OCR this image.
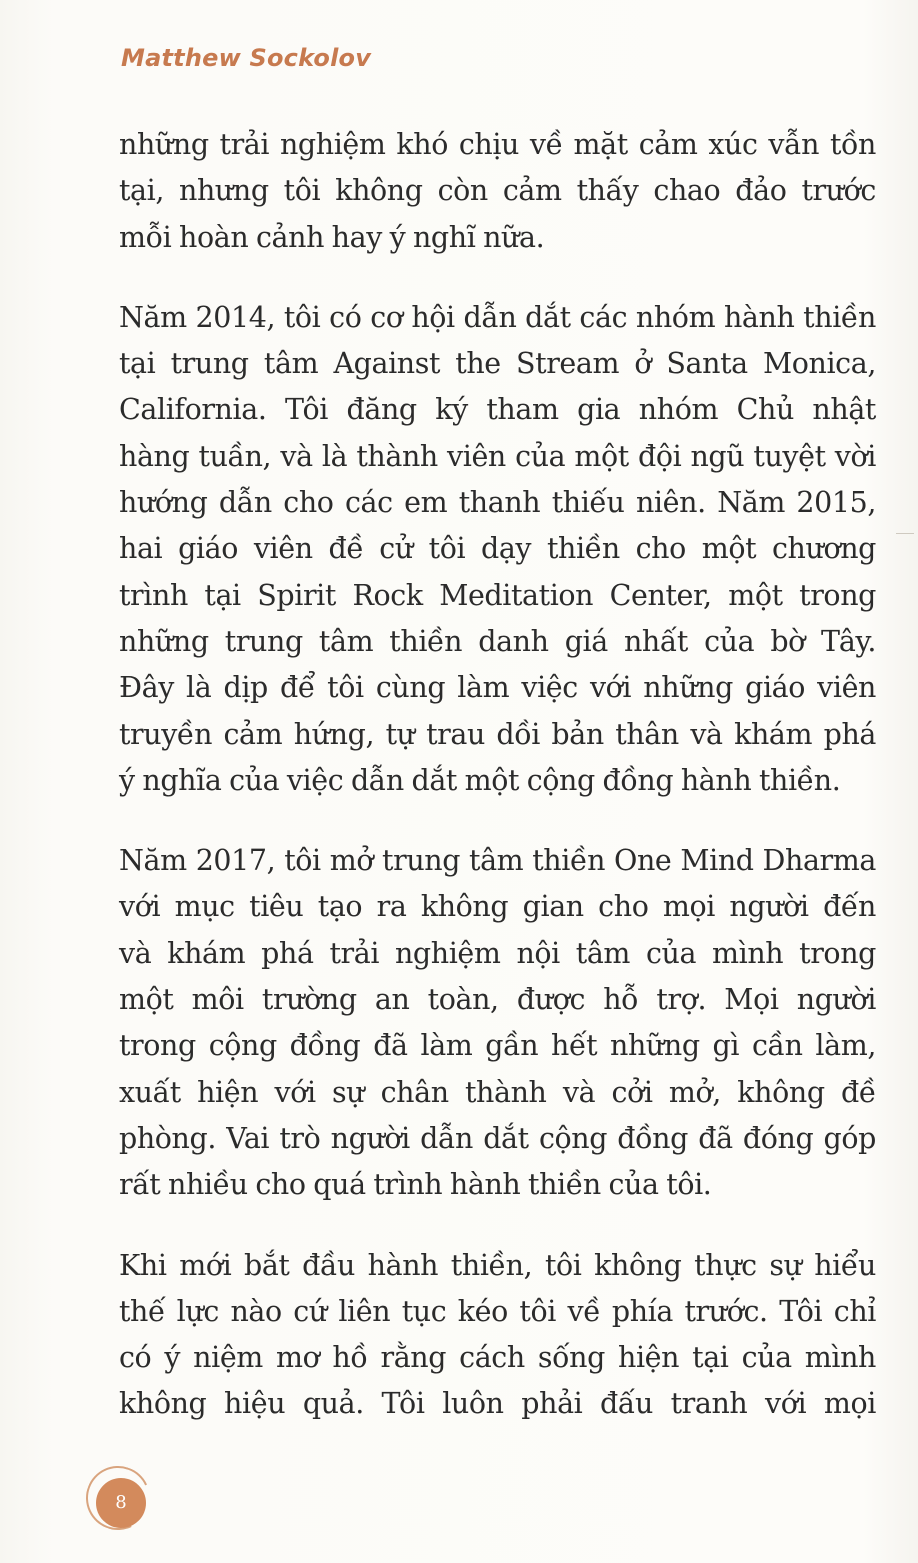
Matthew Sockolov

những trải nghiệm khó chịu về mặt cảm xúc vẫn tồn
tại, nhưng tôi không còn cảm thấy chao đảo trước
mỗi hoàn cảnh hay ý nghĩ nữa.

Năm 2014, tôi có cơ hội dẫn dắt các nhóm hành thiền
tại trung tâm Against the Stream ở Santa Monica,
California. Tôi đăng ký tham gia nhóm Chủ nhật
hàng tuần, và là thành viên của một đội ngũ tuyệt vời
hướng dẫn cho các em thanh thiếu niên. Năm 2015,
hai giáo viên đề cử tôi dạy thiền cho một chương
trình tại Spirit Rock Meditation Center, một trong
những trung tâm thiền danh giá nhất của bờ Tây.
Đây là dịp để tôi cùng làm việc với những giáo viên
truyền cảm hứng, tự trau dồi bản thân và khám phá
ý nghĩa của việc dẫn dắt một cộng đồng hành thiền.

Năm 2017, tôi mở trung tâm thiền One Mind Dharma
với mục tiêu tạo ra không gian cho mọi người đến
và khám phá trải nghiệm nội tâm của mình trong
một môi trường an toàn, được hỗ trợ. Mọi người
trong cộng đồng đã làm gần hết những gì cần làm,
xuất hiện với sự chân thành và cởi mở, không đề
phòng. Vai trò người dẫn dắt cộng đồng đã đóng góp
rất nhiều cho quá trình hành thiền của tôi.

Khi mới bắt đầu hành thiền, tôi không thực sự hiểu
thế lực nào cứ liên tục kéo tôi về phía trước. Tôi chỉ
có ý niệm mơ hồ rằng cách sống hiện tại của mình
không hiệu quả. Tôi luôn phải đấu tranh với mọi

8
